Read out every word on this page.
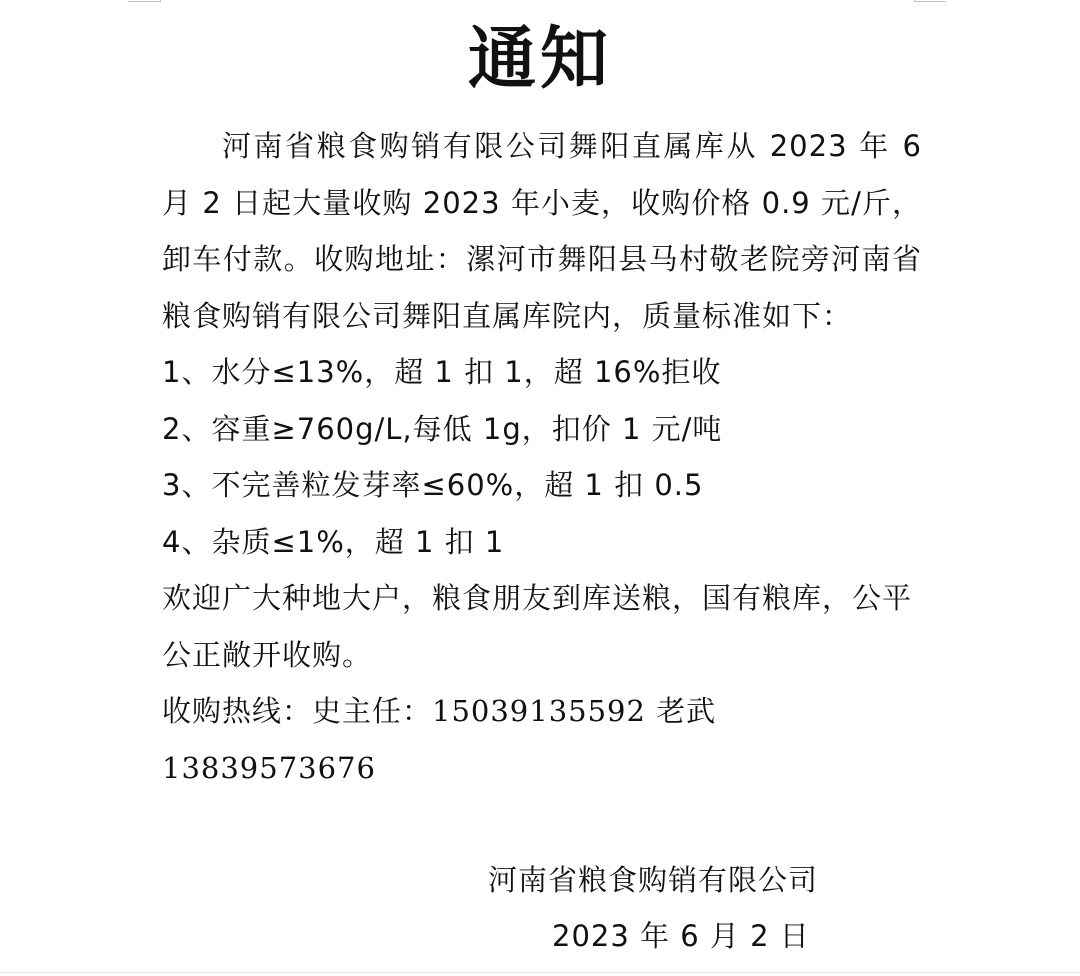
通知

河南省粮食购销有限公司舞阳直属库从 2023 年 6 月 2 日起大量收购 2023 年小麦，收购价格 0.9 元/斤，卸车付款。收购地址：漯河市舞阳县马村敬老院旁河南省粮食购销有限公司舞阳直属库院内，质量标准如下：

1、水分≤13%，超 1 扣 1，超 16%拒收

2、容重≥760g/L,每低 1g，扣价 1 元/吨

3、不完善粒发芽率≤60%，超 1 扣 0.5

4、杂质≤1%，超 1 扣 1

欢迎广大种地大户，粮食朋友到库送粮，国有粮库，公平公正敞开收购。

收购热线：史主任：15039135592 老武 13839573676

河南省粮食购销有限公司
2023 年 6 月 2 日
